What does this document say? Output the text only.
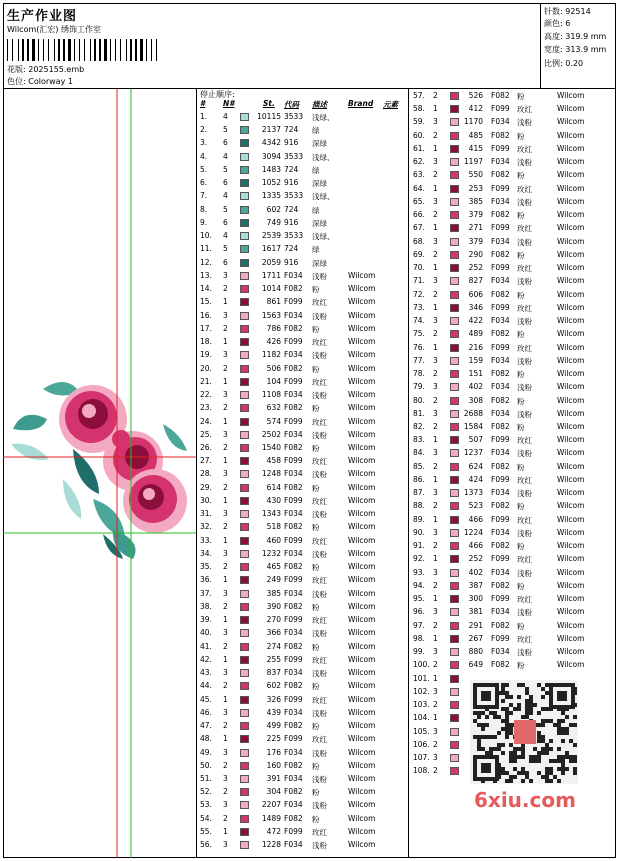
生产作业图
Wilcom(汇宏) 绣饰工作室
花版: 2025155.emb
色位: Colorway 1
针数: 92514
颜色: 6
高度: 319.9 mm
宽度: 313.9 mm
比例: 0.20
停止顺序:
# N#	St. 代码 描述	Brand 元素
1. 4	10115 3533 浅绿、
2. 5	2137 724 绿
3. 6	4342 916 深绿
4. 4	3094 3533 浅绿、
5. 5	1483 724 绿
6. 6	1052 916 深绿
7. 4	1335 3533 浅绿、
8. 5	602 724 绿
9. 6	749 916 深绿
10. 4	2539 3533 浅绿、
11. 5	1617 724 绿
12. 6	2059 916 深绿
13. 3	1711 F034 浅粉	Wilcom
14. 2	1014 F082 粉	Wilcom
15. 1	861 F099 玫红	Wilcom
16. 3	1563 F034 浅粉	Wilcom
17. 2	786 F082 粉	Wilcom
18. 1	426 F099 玫红	Wilcom
19. 3	1182 F034 浅粉	Wilcom
20. 2	506 F082 粉	Wilcom
21. 1	104 F099 玫红	Wilcom
22. 3	1108 F034 浅粉	Wilcom
23. 2	632 F082 粉	Wilcom
24. 1	574 F099 玫红	Wilcom
25. 3	2502 F034 浅粉	Wilcom
26. 2	1540 F082 粉	Wilcom
27. 1	458 F099 玫红	Wilcom
28. 3	1248 F034 浅粉	Wilcom
29. 2	614 F082 粉	Wilcom
30. 1	430 F099 玫红	Wilcom
31. 3	1343 F034 浅粉	Wilcom
32. 2	518 F082 粉	Wilcom
33. 1	460 F099 玫红	Wilcom
34. 3	1232 F034 浅粉	Wilcom
35. 2	465 F082 粉	Wilcom
36. 1	249 F099 玫红	Wilcom
37. 3	385 F034 浅粉	Wilcom
38. 2	390 F082 粉	Wilcom
39. 1	270 F099 玫红	Wilcom
40. 3	366 F034 浅粉	Wilcom
41. 2	274 F082 粉	Wilcom
42. 1	255 F099 玫红	Wilcom
43. 3	837 F034 浅粉	Wilcom
44. 2	602 F082 粉	Wilcom
45. 1	326 F099 玫红	Wilcom
46. 3	439 F034 浅粉	Wilcom
47. 2	499 F082 粉	Wilcom
48. 1	225 F099 玫红	Wilcom
49. 3	176 F034 浅粉	Wilcom
50. 2	160 F082 粉	Wilcom
51. 3	391 F034 浅粉	Wilcom
52. 2	304 F082 粉	Wilcom
53. 3	2207 F034 浅粉	Wilcom
54. 2	1489 F082 粉	Wilcom
55. 1	472 F099 玫红	Wilcom
56. 3	1228 F034 浅粉	Wilcom
57. 2	526 F082 粉	Wilcom
58. 1	412 F099 玫红	Wilcom
59. 3	1170 F034 浅粉	Wilcom
60. 2	485 F082 粉	Wilcom
61. 1	415 F099 玫红	Wilcom
62. 3	1197 F034 浅粉	Wilcom
63. 2	550 F082 粉	Wilcom
64. 1	253 F099 玫红	Wilcom
65. 3	385 F034 浅粉	Wilcom
66. 2	379 F082 粉	Wilcom
67. 1	271 F099 玫红	Wilcom
68. 3	379 F034 浅粉	Wilcom
69. 2	290 F082 粉	Wilcom
70. 1	252 F099 玫红	Wilcom
71. 3	827 F034 浅粉	Wilcom
72. 2	606 F082 粉	Wilcom
73. 1	346 F099 玫红	Wilcom
74. 3	422 F034 浅粉	Wilcom
75. 2	489 F082 粉	Wilcom
76. 1	216 F099 玫红	Wilcom
77. 3	159 F034 浅粉	Wilcom
78. 2	151 F082 粉	Wilcom
79. 3	402 F034 浅粉	Wilcom
80. 2	308 F082 粉	Wilcom
81. 3	2688 F034 浅粉	Wilcom
82. 2	1584 F082 粉	Wilcom
83. 1	507 F099 玫红	Wilcom
84. 3	1237 F034 浅粉	Wilcom
85. 2	624 F082 粉	Wilcom
86. 1	424 F099 玫红	Wilcom
87. 3	1373 F034 浅粉	Wilcom
88. 2	523 F082 粉	Wilcom
89. 1	466 F099 玫红	Wilcom
90. 3	1224 F034 浅粉	Wilcom
91. 2	466 F082 粉	Wilcom
92. 1	252 F099 玫红	Wilcom
93. 3	402 F034 浅粉	Wilcom
94. 2	387 F082 粉	Wilcom
95. 1	300 F099 玫红	Wilcom
96. 3	381 F034 浅粉	Wilcom
97. 2	291 F082 粉	Wilcom
98. 1	267 F099 玫红	Wilcom
99. 3	880 F034 浅粉	Wilcom
100. 2	649 F082 粉	Wilcom
101. 1
102. 3
103. 2
104. 1
105. 3
106. 2
107. 3
108. 2
6xiu.com
